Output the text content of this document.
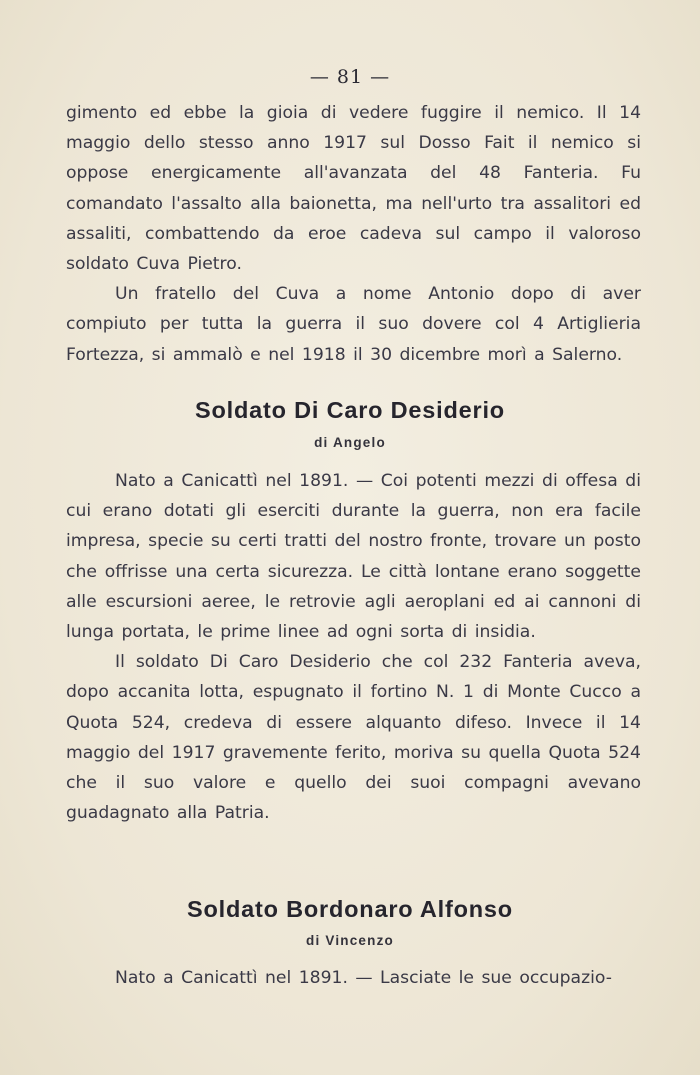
— 81 —

gimento ed ebbe la gioia di vedere fuggire il nemico. Il 14 maggio dello stesso anno 1917 sul Dosso Fait il nemico si oppose energicamente all'avanzata del 48 Fanteria. Fu comandato l'assalto alla baionetta, ma nell'urto tra assalitori ed assaliti, combattendo da eroe cadeva sul campo il valoroso soldato Cuva Pietro.

Un fratello del Cuva a nome Antonio dopo di aver compiuto per tutta la guerra il suo dovere col 4 Artiglieria Fortezza, si ammalò e nel 1918 il 30 dicembre morì a Salerno.

Soldato Di Caro Desiderio
di Angelo

Nato a Canicattì nel 1891. — Coi potenti mezzi di offesa di cui erano dotati gli eserciti durante la guerra, non era facile impresa, specie su certi tratti del nostro fronte, trovare un posto che offrisse una certa sicurezza. Le città lontane erano soggette alle escursioni aeree, le retrovie agli aeroplani ed ai cannoni di lunga portata, le prime linee ad ogni sorta di insidia.

Il soldato Di Caro Desiderio che col 232 Fanteria aveva, dopo accanita lotta, espugnato il fortino N. 1 di Monte Cucco a Quota 524, credeva di essere alquanto difeso. Invece il 14 maggio del 1917 gravemente ferito, moriva su quella Quota 524 che il suo valore e quello dei suoi compagni avevano guadagnato alla Patria.

Soldato Bordonaro Alfonso
di Vincenzo

Nato a Canicattì nel 1891. — Lasciate le sue occupazio-
